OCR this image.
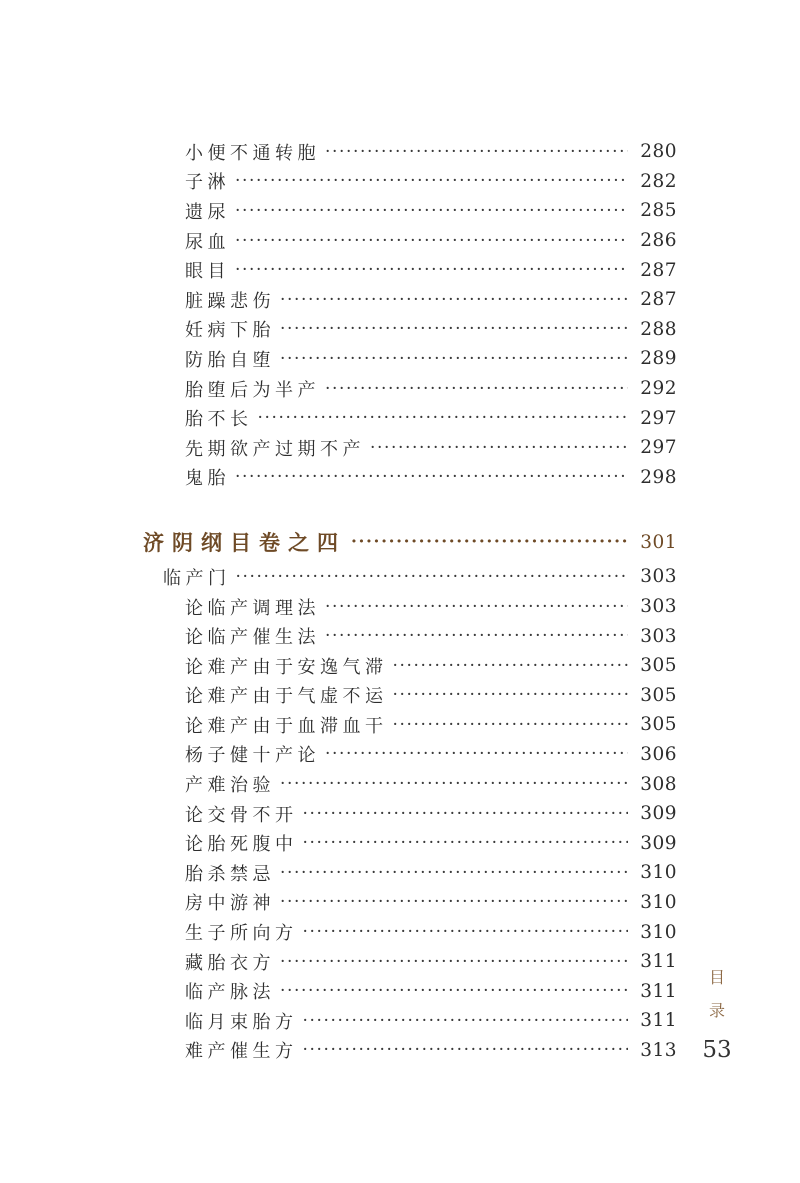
小便不通转胞 ·····	280
子淋 ·····	282
遗尿 ·····	285
尿血 ·····	286
眼目 ·····	287
脏躁悲伤 ·····	287
妊病下胎 ·····	288
防胎自堕 ·····	289
胎堕后为半产 ·····	292
胎不长 ·····	297
先期欲产过期不产 ·····	297
鬼胎 ·····	298
济阴纲目卷之四 ·····	301
临产门 ·····	303
论临产调理法 ·····	303
论临产催生法 ·····	303
论难产由于安逸气滞 ·····	305
论难产由于气虚不运 ·····	305
论难产由于血滞血干 ·····	305
杨子健十产论 ·····	306
产难治验 ·····	308
论交骨不开 ·····	309
论胎死腹中 ·····	309
胎杀禁忌 ·····	310
房中游神 ·····	310
生子所向方 ·····	310
藏胎衣方 ·····	311
临产脉法 ·····	311
临月束胎方 ·····	311
难产催生方 ·····	313
目
录
53
